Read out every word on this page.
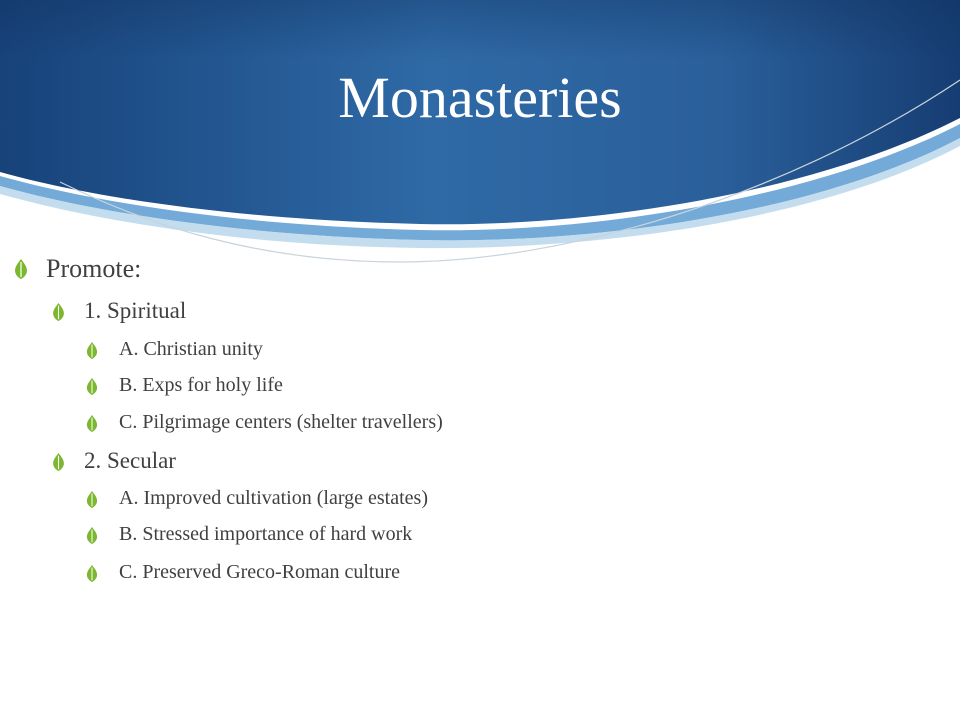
Monasteries
Promote:
1. Spiritual
A. Christian unity
B. Exps for holy life
C. Pilgrimage centers (shelter travellers)
2. Secular
A. Improved cultivation (large estates)
B. Stressed importance of hard work
C. Preserved Greco-Roman culture
